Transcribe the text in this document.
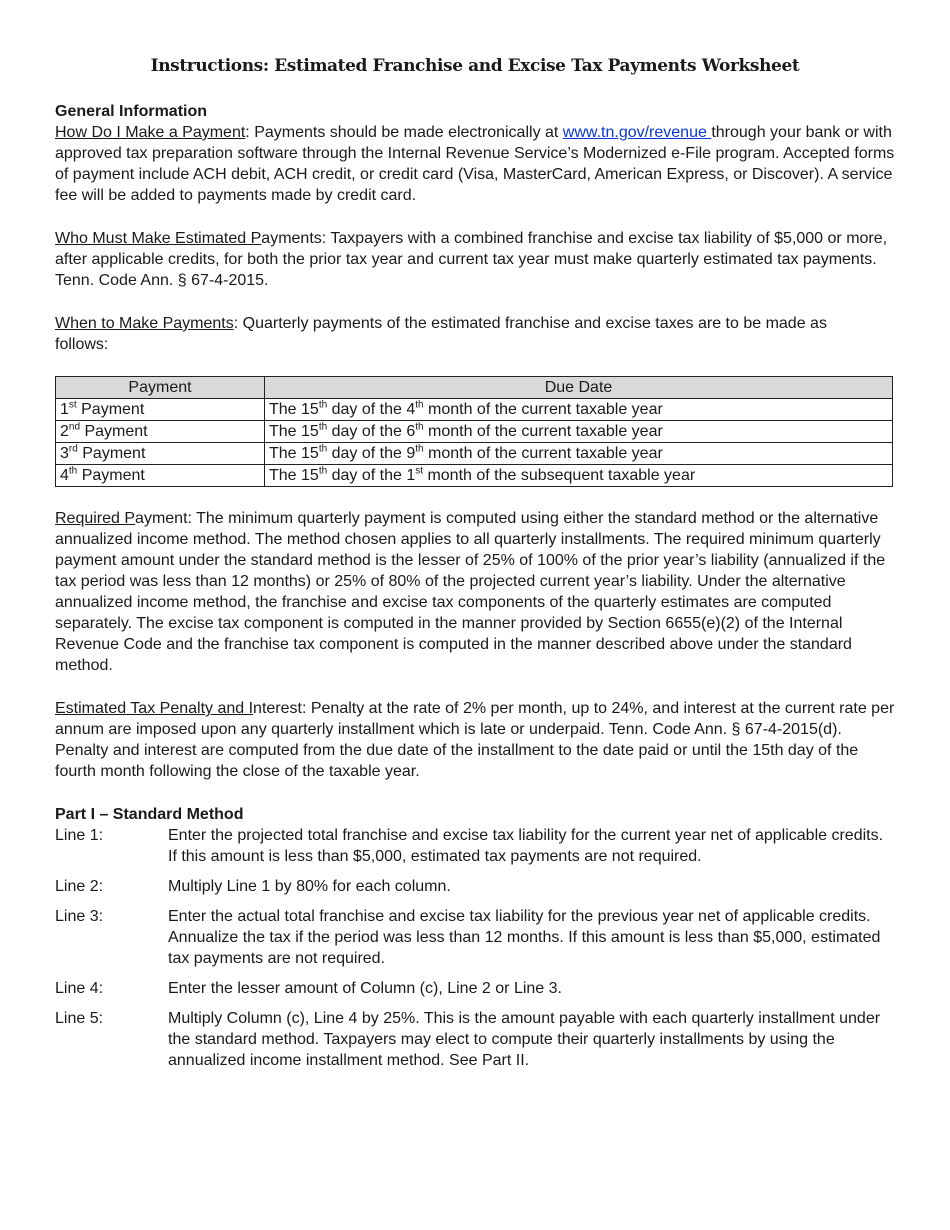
Instructions: Estimated Franchise and Excise Tax Payments Worksheet

General Information

How Do I Make a Payment: Payments should be made electronically at www.tn.gov/revenue through your bank or with approved tax preparation software through the Internal Revenue Service’s Modernized e-File program. Accepted forms of payment include ACH debit, ACH credit, or credit card (Visa, MasterCard, American Express, or Discover). A service fee will be added to payments made by credit card.

Who Must Make Estimated Payments: Taxpayers with a combined franchise and excise tax liability of $5,000 or more, after applicable credits, for both the prior tax year and current tax year must make quarterly estimated tax payments. Tenn. Code Ann. § 67-4-2015.

When to Make Payments: Quarterly payments of the estimated franchise and excise taxes are to be made as follows:

Payment	Due Date
1st Payment	The 15th day of the 4th month of the current taxable year
2nd Payment	The 15th day of the 6th month of the current taxable year
3rd Payment	The 15th day of the 9th month of the current taxable year
4th Payment	The 15th day of the 1st month of the subsequent taxable year

Required Payment: The minimum quarterly payment is computed using either the standard method or the alternative annualized income method. The method chosen applies to all quarterly installments. The required minimum quarterly payment amount under the standard method is the lesser of 25% of 100% of the prior year’s liability (annualized if the tax period was less than 12 months) or 25% of 80% of the projected current year’s liability. Under the alternative annualized income method, the franchise and excise tax components of the quarterly estimates are computed separately. The excise tax component is computed in the manner provided by Section 6655(e)(2) of the Internal Revenue Code and the franchise tax component is computed in the manner described above under the standard method.

Estimated Tax Penalty and Interest: Penalty at the rate of 2% per month, up to 24%, and interest at the current rate per annum are imposed upon any quarterly installment which is late or underpaid. Tenn. Code Ann. § 67-4-2015(d). Penalty and interest are computed from the due date of the installment to the date paid or until the 15th day of the fourth month following the close of the taxable year.

Part I – Standard Method

Line 1:	Enter the projected total franchise and excise tax liability for the current year net of applicable credits. If this amount is less than $5,000, estimated tax payments are not required.
Line 2:	Multiply Line 1 by 80% for each column.
Line 3:	Enter the actual total franchise and excise tax liability for the previous year net of applicable credits. Annualize the tax if the period was less than 12 months. If this amount is less than $5,000, estimated tax payments are not required.
Line 4:	Enter the lesser amount of Column (c), Line 2 or Line 3.
Line 5:	Multiply Column (c), Line 4 by 25%. This is the amount payable with each quarterly installment under the standard method. Taxpayers may elect to compute their quarterly installments by using the annualized income installment method. See Part II.
